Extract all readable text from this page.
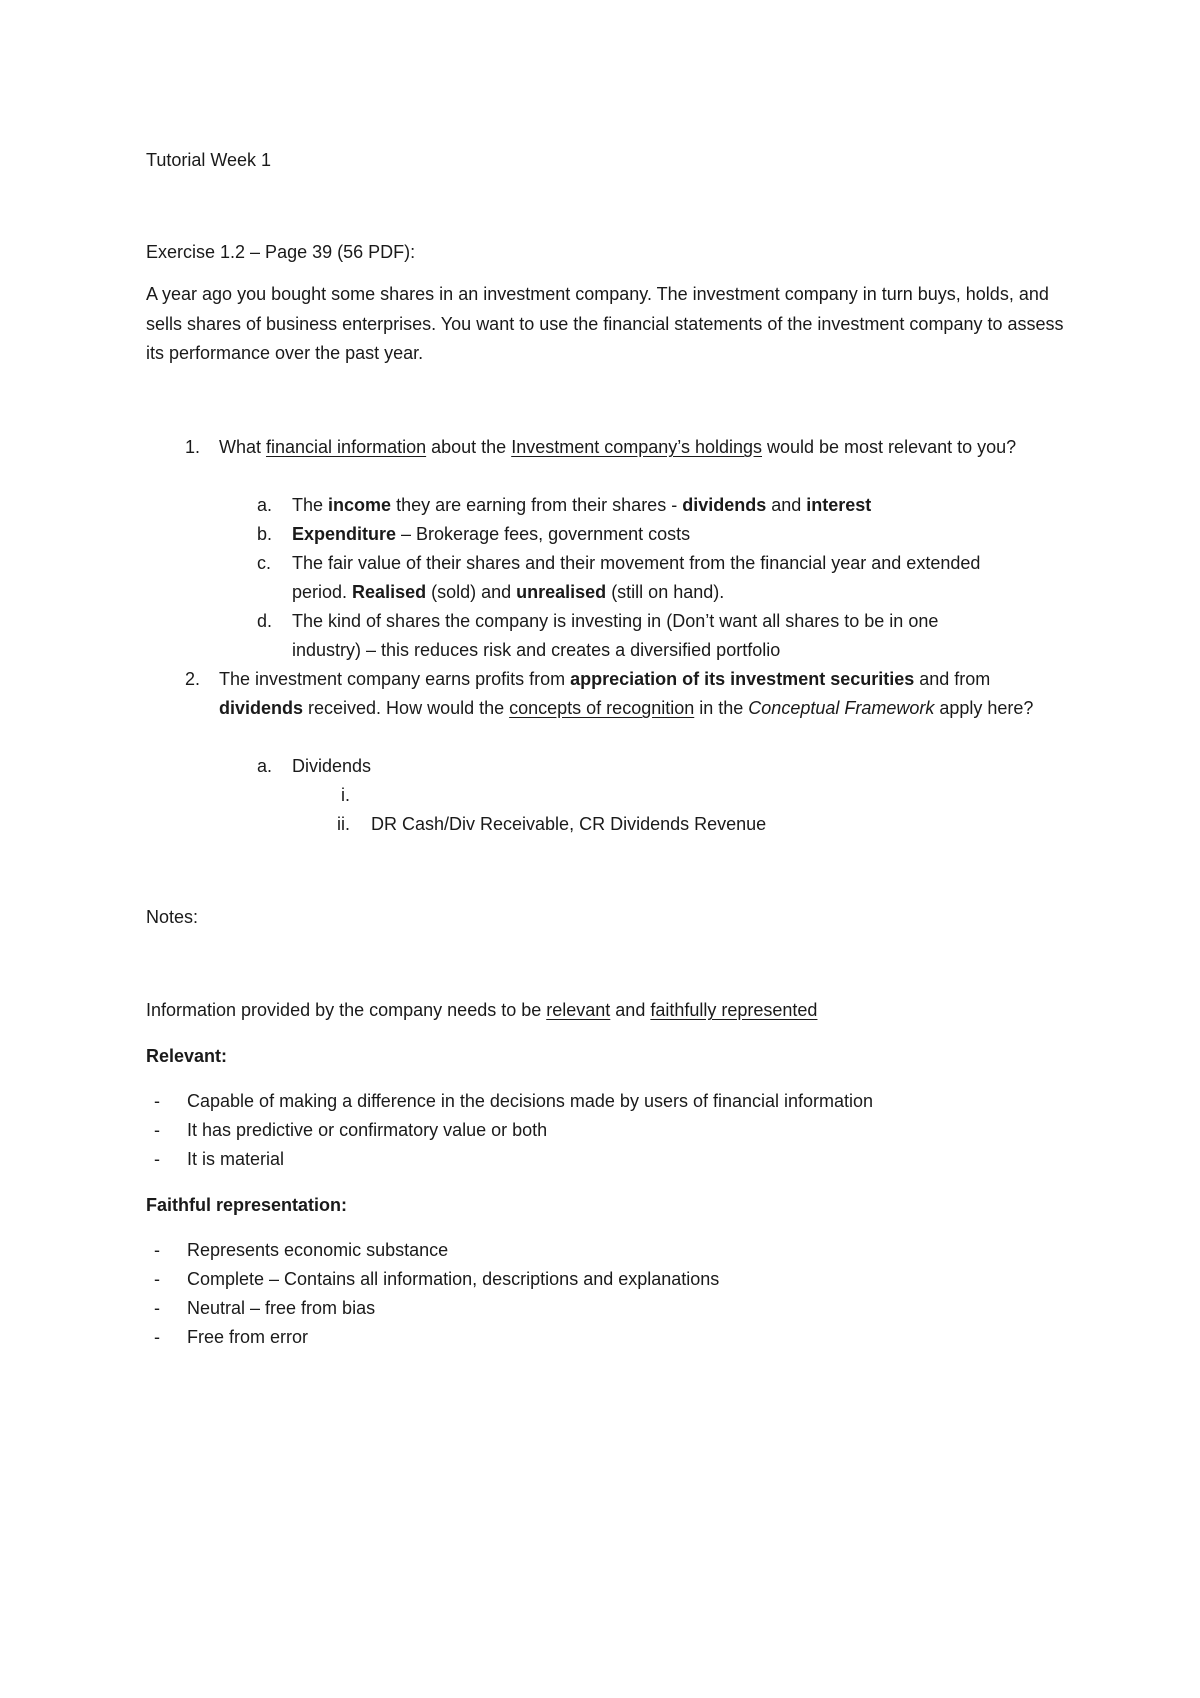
Tutorial Week 1
Exercise 1.2 – Page 39 (56 PDF):
A year ago you bought some shares in an investment company. The investment company in turn buys, holds, and sells shares of business enterprises. You want to use the financial statements of the investment company to assess its performance over the past year.
1. What financial information about the Investment company’s holdings would be most relevant to you?
a. The income they are earning from their shares - dividends and interest
b. Expenditure – Brokerage fees, government costs
c. The fair value of their shares and their movement from the financial year and extended period. Realised (sold) and unrealised (still on hand).
d. The kind of shares the company is investing in (Don’t want all shares to be in one industry) – this reduces risk and creates a diversified portfolio
2. The investment company earns profits from appreciation of its investment securities and from dividends received. How would the concepts of recognition in the Conceptual Framework apply here?
a. Dividends
i.
ii. DR Cash/Div Receivable, CR Dividends Revenue
Notes:
Information provided by the company needs to be relevant and faithfully represented
Relevant:
- Capable of making a difference in the decisions made by users of financial information
- It has predictive or confirmatory value or both
- It is material
Faithful representation:
- Represents economic substance
- Complete – Contains all information, descriptions and explanations
- Neutral – free from bias
- Free from error
